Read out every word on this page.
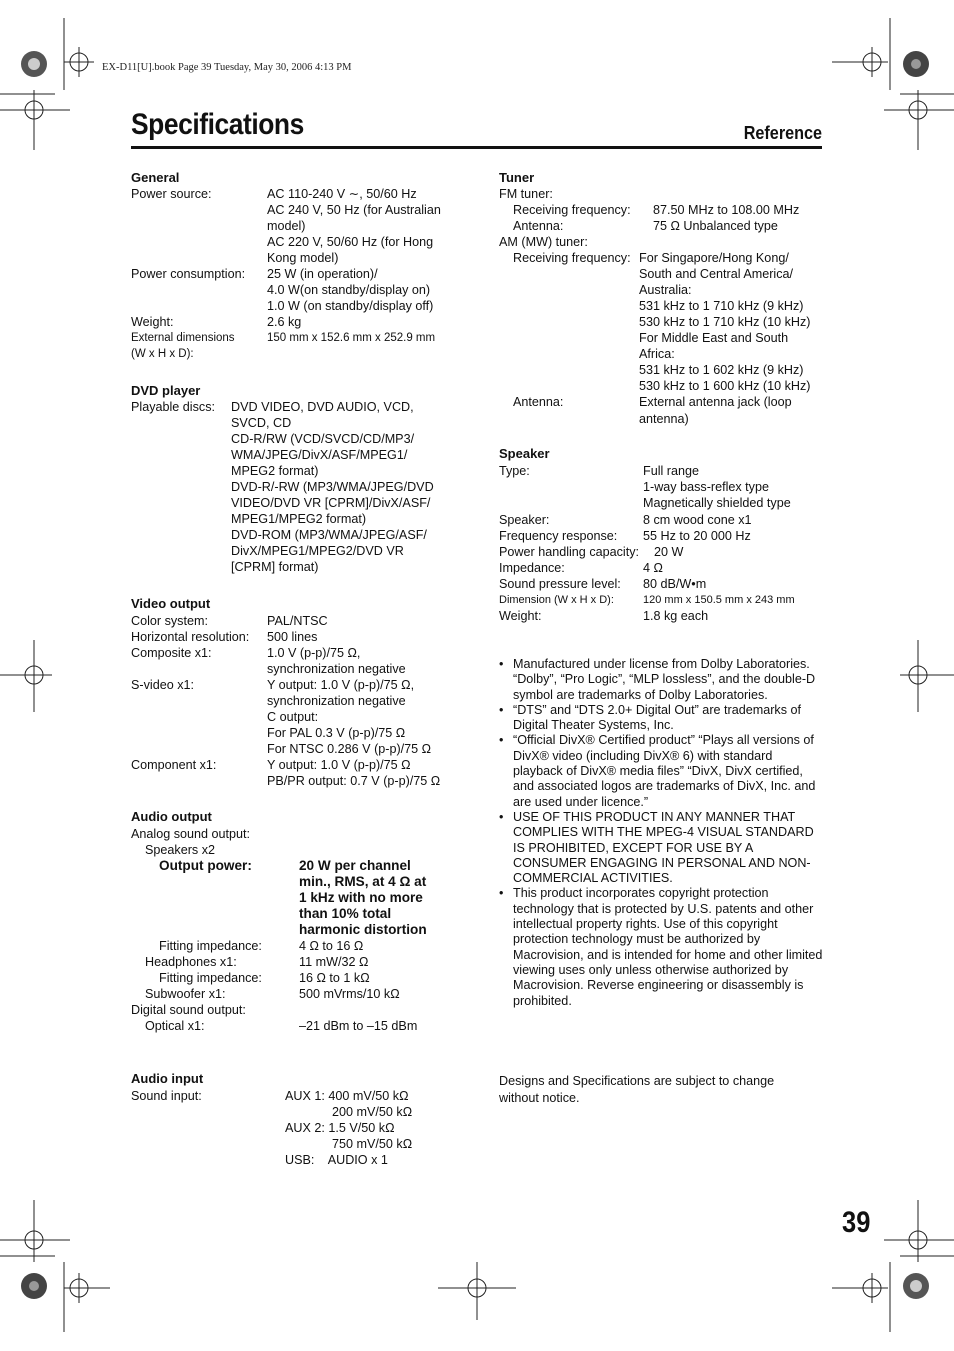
EX-D11[U].book Page 39 Tuesday, May 30, 2006 4:13 PM
Specifications	Reference
General
Power source:	AC 110-240 V ∼, 50/60 Hz
AC 240 V, 50 Hz (for Australian
model)
AC 220 V, 50/60 Hz (for Hong
Kong model)
Power consumption: 25 W (in operation)/
4.0 W(on standby/display on)
1.0 W (on standby/display off)
Weight:	2.6 kg
External dimensions
(W x H x D):
150 mm x 152.6 mm x 252.9 mm
DVD player
Playable discs: DVD VIDEO, DVD AUDIO, VCD,
SVCD, CD
CD-R/RW (VCD/SVCD/CD/MP3/
WMA/JPEG/DivX/ASF/MPEG1/
MPEG2 format)
DVD-R/-RW (MP3/WMA/JPEG/DVD
VIDEO/DVD VR [CPRM]/DivX/ASF/
MPEG1/MPEG2 format)
DVD-ROM (MP3/WMA/JPEG/ASF/
DivX/MPEG1/MPEG2/DVD VR
[CPRM] format)
Video output
Color system:	PAL/NTSC
Horizontal resolution: 500 lines
Composite x1:	1.0 V (p-p)/75 Ω,
synchronization negative
S-video x1:	Y output: 1.0 V (p-p)/75 Ω,
synchronization negative
C output:
For PAL 0.3 V (p-p)/75 Ω
For NTSC 0.286 V (p-p)/75 Ω
Component x1:	Y output: 1.0 V (p-p)/75 Ω
PB/PR output: 0.7 V (p-p)/75 Ω
Audio output
Analog sound output:
Speakers x2
Output power:	20 W per channel
min., RMS, at 4 Ω at
1 kHz with no more
than 10% total
harmonic distortion
Fitting impedance:	4 Ω to 16 Ω
Headphones x1:	11 mW/32 Ω
Fitting impedance:	16 Ω to 1 kΩ
Subwoofer x1:	500 mVrms/10 kΩ
Digital sound output:
Optical x1:	–21 dBm to –15 dBm
Audio input
Sound input:	AUX 1: 400 mV/50 kΩ
200 mV/50 kΩ
AUX 2: 1.5 V/50 kΩ
750 mV/50 kΩ
USB:    AUDIO x 1
Tuner
FM tuner:
Receiving frequency: 87.50 MHz to 108.00 MHz
Antenna:	75 Ω Unbalanced type
AM (MW) tuner:
Receiving frequency: For Singapore/Hong Kong/
South and Central America/
Australia:
531 kHz to 1 710 kHz (9 kHz)
530 kHz to 1 710 kHz (10 kHz)
For Middle East and South
Africa:
531 kHz to 1 602 kHz (9 kHz)
530 kHz to 1 600 kHz (10 kHz)
Antenna:	External antenna jack (loop
antenna)
Speaker
Type:	Full range
1-way bass-reflex type
Magnetically shielded type
Speaker:	8 cm wood cone x1
Frequency response: 55 Hz to 20 000 Hz
Power handling capacity: 20 W
Impedance:	4 Ω
Sound pressure level: 80 dB/W•m
Dimension (W x H x D):	120 mm x 150.5 mm x 243 mm
Weight:	1.8 kg each
• Manufactured under license from Dolby Laboratories. “Dolby”, “Pro Logic”, “MLP lossless”, and the double-D symbol are trademarks of Dolby Laboratories.
• “DTS” and “DTS 2.0+ Digital Out” are trademarks of Digital Theater Systems, Inc.
• “Official DivX® Certified product” “Plays all versions of DivX® video (including DivX® 6) with standard playback of DivX® media files” “DivX, DivX certified, and associated logos are trademarks of DivX, Inc. and are used under licence.”
• USE OF THIS PRODUCT IN ANY MANNER THAT COMPLIES WITH THE MPEG-4 VISUAL STANDARD IS PROHIBITED, EXCEPT FOR USE BY A CONSUMER ENGAGING IN PERSONAL AND NON-COMMERCIAL ACTIVITIES.
• This product incorporates copyright protection technology that is protected by U.S. patents and other intellectual property rights. Use of this copyright protection technology must be authorized by Macrovision, and is intended for home and other limited viewing uses only unless otherwise authorized by Macrovision. Reverse engineering or disassembly is prohibited.
Designs and Specifications are subject to change
without notice.
39
